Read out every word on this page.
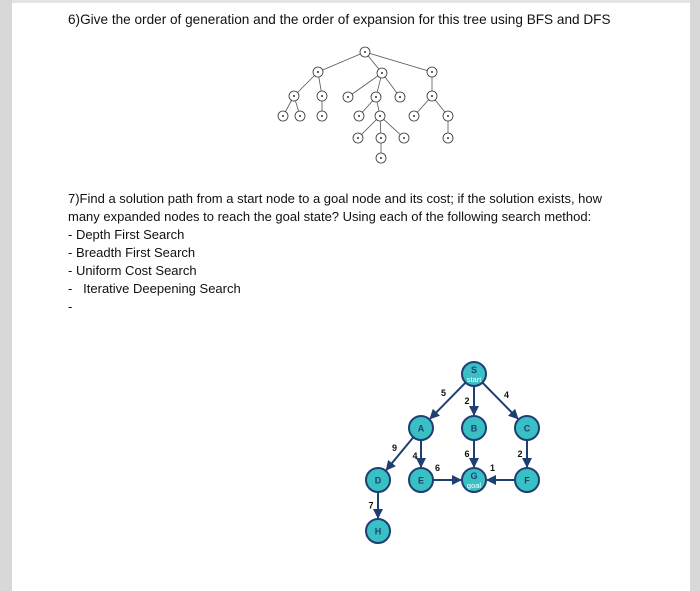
6)Give the order of generation and the order of expansion for this tree using BFS and DFS

7)Find a solution path from a start node to a goal node and its cost; if the solution exists, how

many expanded nodes to reach the goal state? Using each of the following search method:

- Depth First Search

- Breadth First Search

- Uniform Cost Search

-   Iterative Deepening Search

-

5
2
4
9
4	6	2
7
6	1
S
start
A	B	C
D	E	G
goal	F
H
